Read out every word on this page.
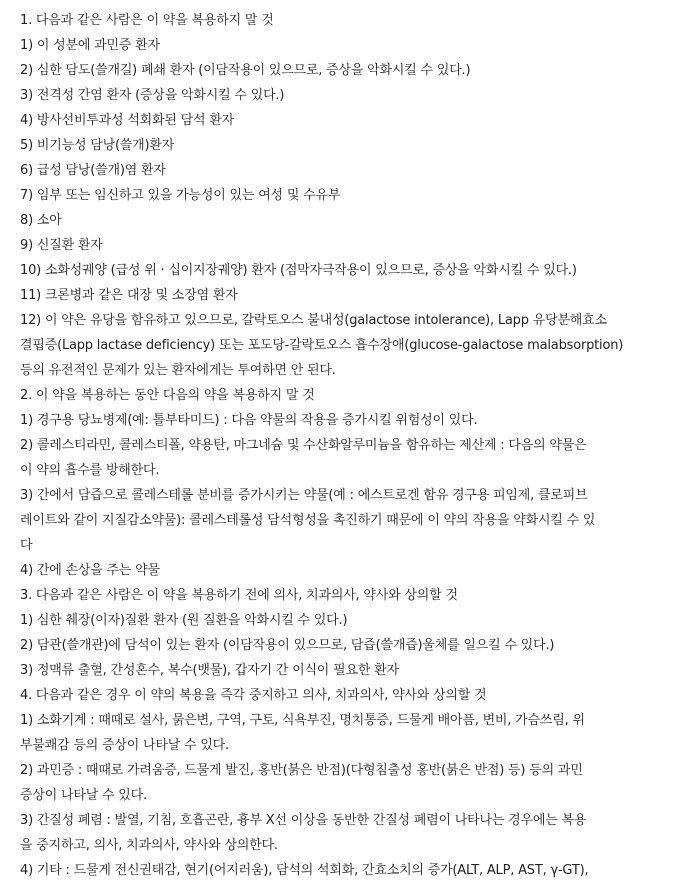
1. 다음과 같은 사람은 이 약을 복용하지 말 것
1) 이 성분에 과민증 환자
2) 심한 담도(쓸개길) 폐쇄 환자 (이담작용이 있으므로, 증상을 악화시킬 수 있다.)
3) 전격성 간염 환자 (증상을 악화시킬 수 있다.)
4) 방사선비투과성 석회화된 담석 환자
5) 비기능성 담낭(쓸개)환자
6) 급성 담낭(쓸개)염 환자
7) 임부 또는 임신하고 있을 가능성이 있는 여성 및 수유부
8) 소아
9) 신질환 환자
10) 소화성궤양 (급성 위 · 십이지장궤양) 환자 (점막자극작용이 있으므로, 증상을 악화시킬 수 있다.)
11) 크론병과 같은 대장 및 소장염 환자
12) 이 약은 유당을 함유하고 있으므로, 갈락토오스 불내성(galactose intolerance), Lapp 유당분해효소
결핍증(Lapp lactase deficiency) 또는 포도당-갈락토오스 흡수장애(glucose-galactose malabsorption)
등의 유전적인 문제가 있는 환자에게는 투여하면 안 된다.
2. 이 약을 복용하는 동안 다음의 약을 복용하지 말 것
1) 경구용 당뇨병제(예: 톨부타미드) : 다음 약물의 작용을 증가시킬 위험성이 있다.
2) 콜레스티라민, 콜레스티폴, 약용탄, 마그네슘 및 수산화알루미늄을 함유하는 제산제 : 다음의 약물은
이 약의 흡수를 방해한다.
3) 간에서 담즙으로 콜레스테롤 분비를 증가시키는 약물(예 : 에스트로겐 함유 경구용 피임제, 클로피브
레이트와 같이 지질감소약물): 콜레스테롤성 담석형성을 촉진하기 때문에 이 약의 작용을 약화시킬 수 있
다
4) 간에 손상을 주는 약물
3. 다음과 같은 사람은 이 약을 복용하기 전에 의사, 치과의사, 약사와 상의할 것
1) 심한 췌장(이자)질환 환자 (원 질환을 악화시킬 수 있다.)
2) 담관(쓸개관)에 담석이 있는 환자 (이담작용이 있으므로, 담즙(쓸개즙)울체를 일으킬 수 있다.)
3) 정맥류 출혈, 간성혼수, 복수(뱃물), 갑자기 간 이식이 필요한 환자
4. 다음과 같은 경우 이 약의 복용을 즉각 중지하고 의사, 치과의사, 약사와 상의할 것
1) 소화기계 : 때때로 설사, 묽은변, 구역, 구토, 식욕부진, 명치통증, 드물게 배아픔, 변비, 가슴쓰림, 위
부불쾌감 등의 증상이 나타날 수 있다.
2) 과민증 : 때때로 가려움증, 드물게 발진, 홍반(붉은 반점)(다형침출성 홍반(붉은 반점) 등) 등의 과민
증상이 나타날 수 있다.
3) 간질성 폐렴 : 발열, 기침, 호흡곤란, 흉부 X선 이상을 동반한 간질성 폐렴이 나타나는 경우에는 복용
을 중지하고, 의사, 치과의사, 약사와 상의한다.
4) 기타 : 드물게 전신권태감, 현기(어지러움), 담석의 석회화, 간효소치의 증가(ALT, ALP, AST, γ-GT),
